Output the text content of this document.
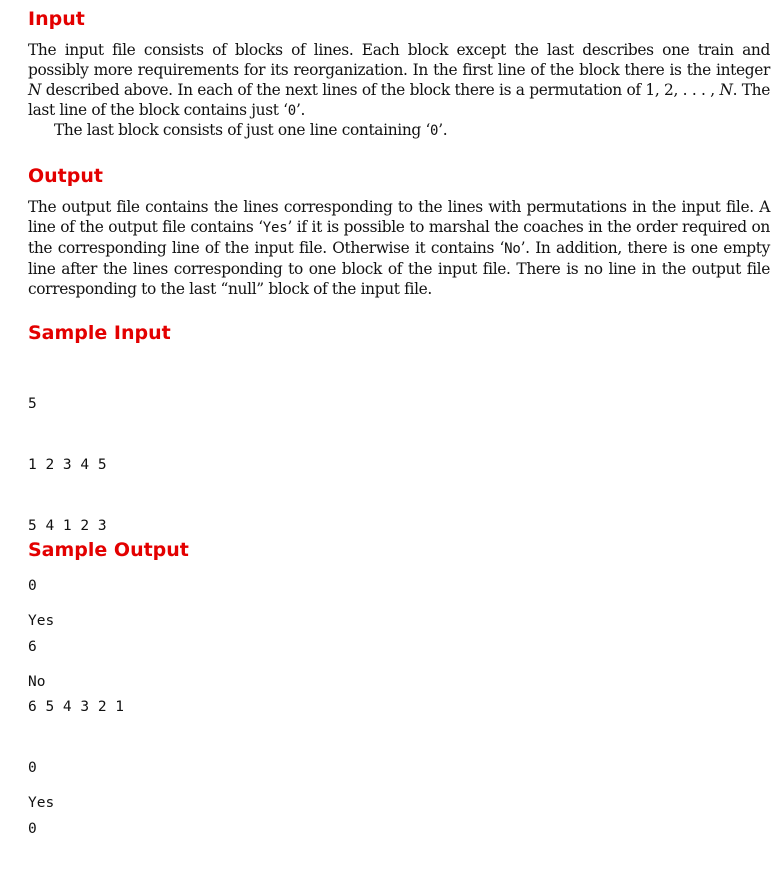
Input

The input file consists of blocks of lines. Each block except the last describes one train and possibly more requirements for its reorganization. In the first line of the block there is the integer N described above. In each of the next lines of the block there is a permutation of 1, 2, . . . , N. The last line of the block contains just ‘0’.

The last block consists of just one line containing ‘0’.

Output

The output file contains the lines corresponding to the lines with permutations in the input file. A line of the output file contains ‘Yes’ if it is possible to marshal the coaches in the order required on the corresponding line of the input file. Otherwise it contains ‘No’. In addition, there is one empty line after the lines corresponding to one block of the input file. There is no line in the output file corresponding to the last “null” block of the input file.

Sample Input

5

1 2 3 4 5

5 4 1 2 3

0

6

6 5 4 3 2 1

0

0

Sample Output

Yes

No

Yes
